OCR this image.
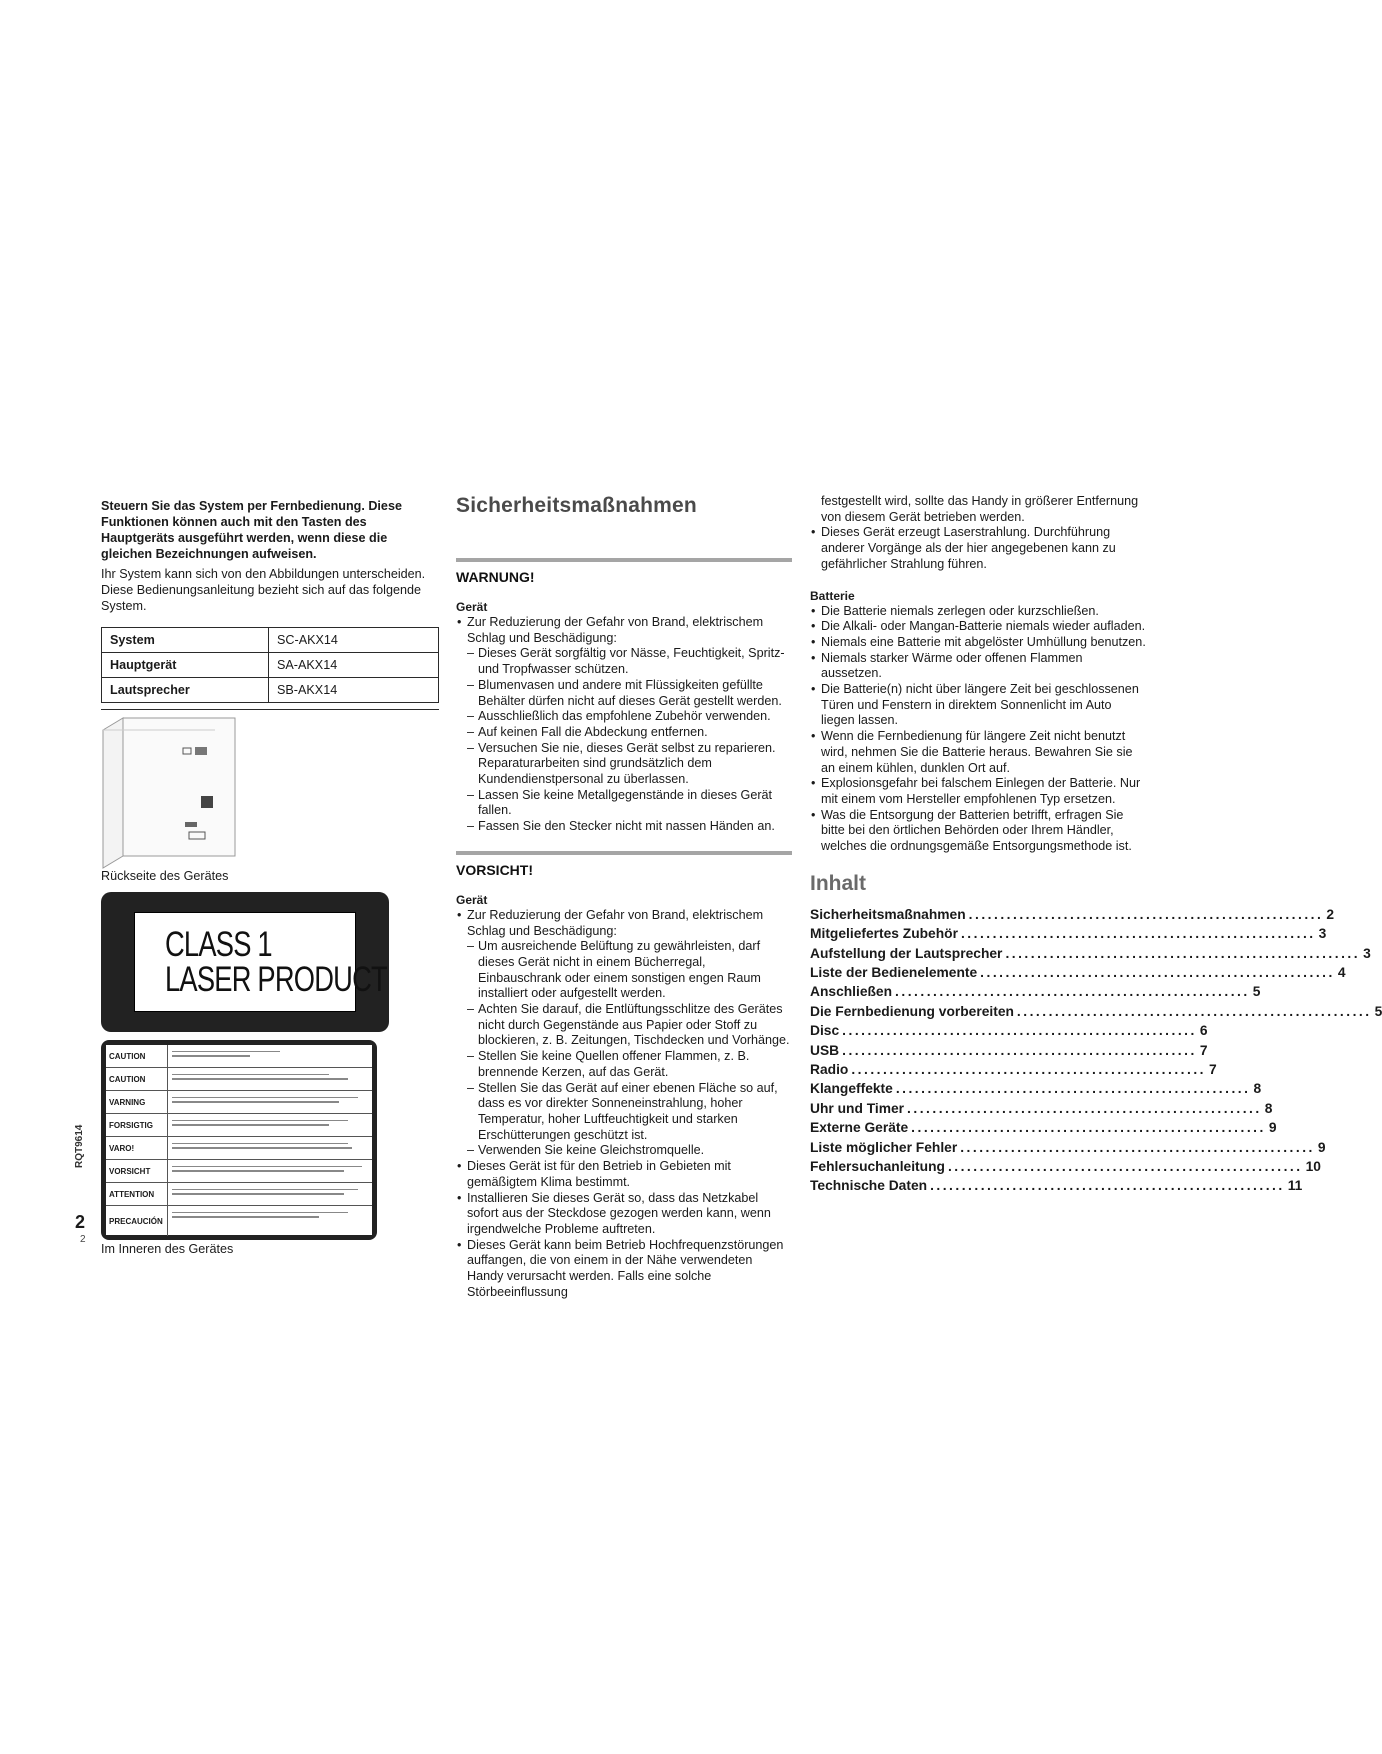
Steuern Sie das System per Fernbedienung. Diese Funktionen können auch mit den Tasten des Hauptgeräts ausgeführt werden, wenn diese die gleichen Bezeichnungen aufweisen.

Ihr System kann sich von den Abbildungen unterscheiden. Diese Bedienungsanleitung bezieht sich auf das folgende System.

System	SC-AKX14
Hauptgerät	SA-AKX14
Lautsprecher	SB-AKX14
Rückseite des Gerätes
CLASS 1
LASER PRODUCT
CAUTION
CAUTION
VARNING
FORSIGTIG
VARO!
VORSICHT
ATTENTION
PRECAUCIÓN
Im Inneren des Gerätes
RQT9614
2
2
Sicherheitsmaßnahmen
WARNUNG!
Gerät
• Zur Reduzierung der Gefahr von Brand, elektrischem Schlag und Beschädigung:
– Dieses Gerät sorgfältig vor Nässe, Feuchtigkeit, Spritz- und Tropfwasser schützen.
– Blumenvasen und andere mit Flüssigkeiten gefüllte Behälter dürfen nicht auf dieses Gerät gestellt werden.
– Ausschließlich das empfohlene Zubehör verwenden.
– Auf keinen Fall die Abdeckung entfernen.
– Versuchen Sie nie, dieses Gerät selbst zu reparieren. Reparaturarbeiten sind grundsätzlich dem Kundendienstpersonal zu überlassen.
– Lassen Sie keine Metallgegenstände in dieses Gerät fallen.
– Fassen Sie den Stecker nicht mit nassen Händen an.
VORSICHT!
Gerät
• Zur Reduzierung der Gefahr von Brand, elektrischem Schlag und Beschädigung:
– Um ausreichende Belüftung zu gewährleisten, darf dieses Gerät nicht in einem Bücherregal, Einbauschrank oder einem sonstigen engen Raum installiert oder aufgestellt werden.
– Achten Sie darauf, die Entlüftungsschlitze des Gerätes nicht durch Gegenstände aus Papier oder Stoff zu blockieren, z. B. Zeitungen, Tischdecken und Vorhänge.
– Stellen Sie keine Quellen offener Flammen, z. B. brennende Kerzen, auf das Gerät.
– Stellen Sie das Gerät auf einer ebenen Fläche so auf, dass es vor direkter Sonneneinstrahlung, hoher Temperatur, hoher Luftfeuchtigkeit und starken Erschütterungen geschützt ist.
– Verwenden Sie keine Gleichstromquelle.
• Dieses Gerät ist für den Betrieb in Gebieten mit gemäßigtem Klima bestimmt.
• Installieren Sie dieses Gerät so, dass das Netzkabel sofort aus der Steckdose gezogen werden kann, wenn irgendwelche Probleme auftreten.
• Dieses Gerät kann beim Betrieb Hochfrequenzstörungen auffangen, die von einem in der Nähe verwendeten Handy verursacht werden. Falls eine solche Störbeeinflussung

festgestellt wird, sollte das Handy in größerer Entfernung von diesem Gerät betrieben werden.

• Dieses Gerät erzeugt Laserstrahlung. Durchführung anderer Vorgänge als der hier angegebenen kann zu gefährlicher Strahlung führen.
Batterie
• Die Batterie niemals zerlegen oder kurzschließen.
• Die Alkali- oder Mangan-Batterie niemals wieder aufladen.
• Niemals eine Batterie mit abgelöster Umhüllung benutzen.
• Niemals starker Wärme oder offenen Flammen aussetzen.
• Die Batterie(n) nicht über längere Zeit bei geschlossenen Türen und Fenstern in direktem Sonnenlicht im Auto liegen lassen.
• Wenn die Fernbedienung für längere Zeit nicht benutzt wird, nehmen Sie die Batterie heraus. Bewahren Sie sie an einem kühlen, dunklen Ort auf.
• Explosionsgefahr bei falschem Einlegen der Batterie. Nur mit einem vom Hersteller empfohlenen Typ ersetzen.
• Was die Entsorgung der Batterien betrifft, erfragen Sie bitte bei den örtlichen Behörden oder Ihrem Händler, welches die ordnungsgemäße Entsorgungsmethode ist.
Inhalt
Sicherheitsmaßnahmen ........................................................ 2
Mitgeliefertes Zubehör ........................................................ 3
Aufstellung der Lautsprecher ........................................................ 3
Liste der Bedienelemente ........................................................ 4
Anschließen ........................................................ 5
Die Fernbedienung vorbereiten ........................................................ 5
Disc ........................................................ 6
USB ........................................................ 7
Radio ........................................................ 7
Klangeffekte ........................................................ 8
Uhr und Timer ........................................................ 8
Externe Geräte ........................................................ 9
Liste möglicher Fehler ........................................................ 9
Fehlersuchanleitung ........................................................ 10
Technische Daten ........................................................ 11
